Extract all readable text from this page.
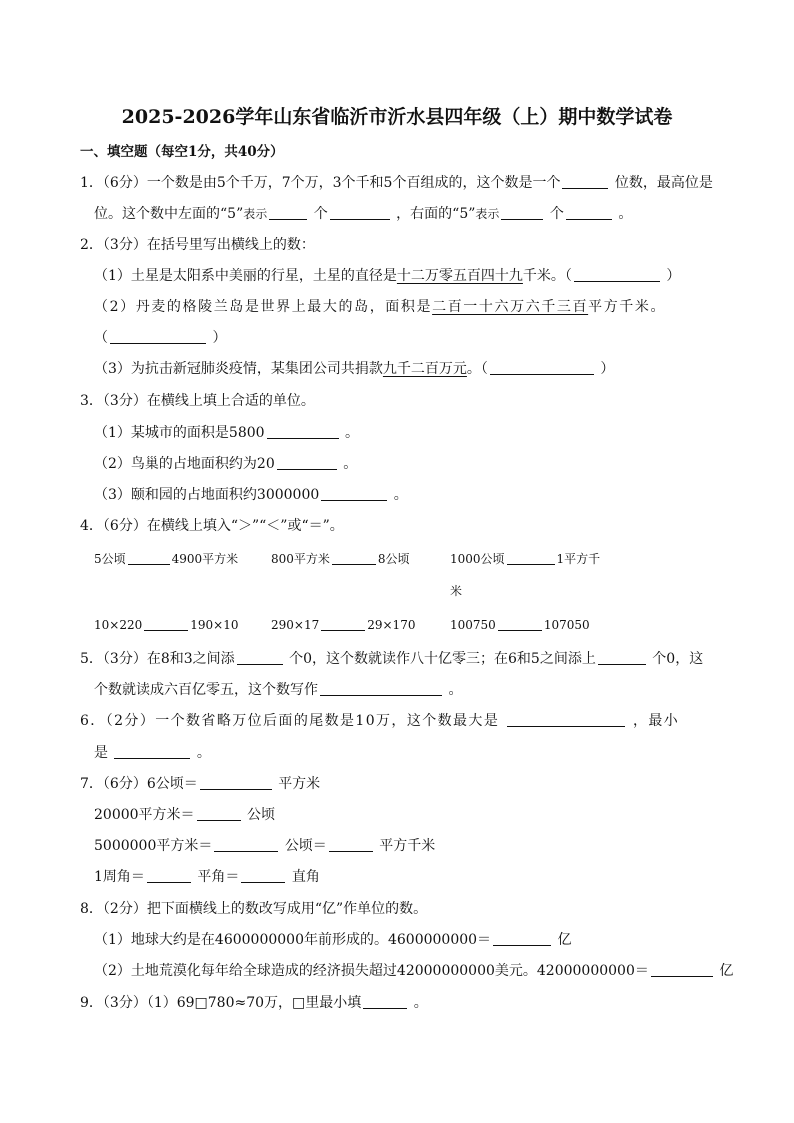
2025-2026学年山东省临沂市沂水县四年级（上）期中数学试卷
一、填空题（每空1分，共40分）
1．（6分）一个数是由5个千万，7个万，3个千和5个百组成的，这个数是一个	位数，最高位是
位。这个数中左面的“5”表示	个	，右面的“5”表示	个	。
2．（3分）在括号里写出横线上的数：
（1）土星是太阳系中美丽的行星，土星的直径是十二万零五百四十九千米。（	）
（2）丹麦的格陵兰岛是世界上最大的岛，面积是二百一十六万六千三百平方千米。
（	）
（3）为抗击新冠肺炎疫情，某集团公司共捐款九千二百万元。（	）
3．（3分）在横线上填上合适的单位。
（1）某城市的面积是5800	。
（2）鸟巢的占地面积约为20	。
（3）颐和园的占地面积约3000000	。
4．（6分）在横线上填入“＞”“＜”或“＝”。
5公顷	4900平方米	800平方米	8公顷	1000公顷	1平方千
米
10×220	190×10	290×17	29×170	100750	107050
5．（3分）在8和3之间添	个0，这个数就读作八十亿零三；在6和5之间添上	个0，这
个数就读成六百亿零五，这个数写作	。
6．（2分）一个数省略万位后面的尾数是10万，这个数最大是	，最小
是	。
7．（6分）6公顷＝	平方米
20000平方米＝	公顷
5000000平方米＝	公顷＝	平方千米
1周角＝	平角＝	直角
8．（2分）把下面横线上的数改写成用“亿”作单位的数。
（1）地球大约是在4600000000年前形成的。4600000000＝	亿
（2）土地荒漠化每年给全球造成的经济损失超过42000000000美元。42000000000＝	亿
9．（3分）（1）69□780≈70万，□里最小填	。
